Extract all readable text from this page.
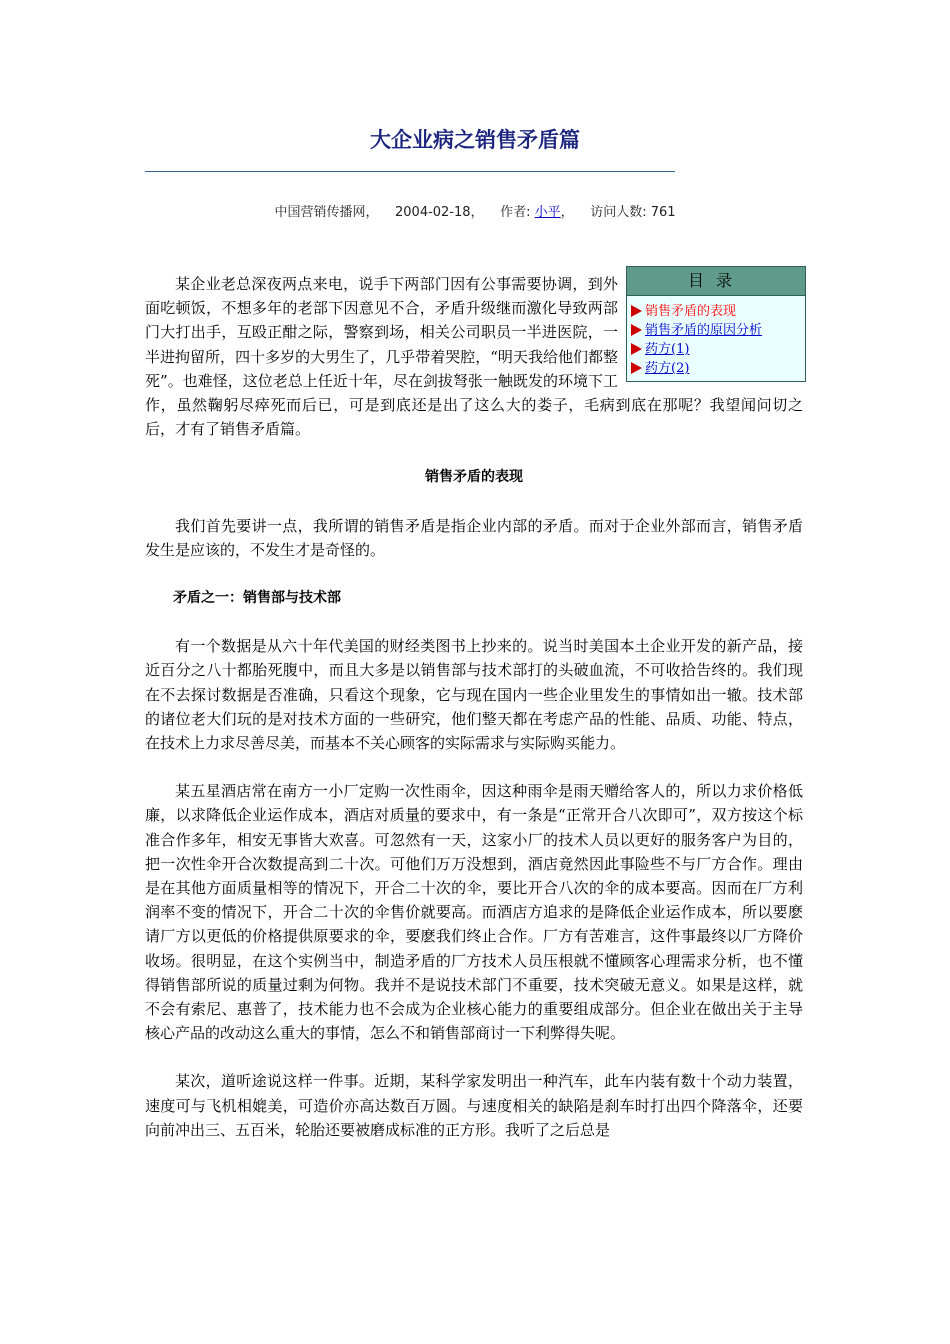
大企业病之销售矛盾篇
中国营销传播网， 2004-02-18， 作者: 小平， 访问人数: 761
目录
销售矛盾的表现
销售矛盾的原因分析
药方(1)
药方(2)

某企业老总深夜两点来电，说手下两部门因有公事需要协调，到外面吃顿饭，不想多年的老部下因意见不合，矛盾升级继而激化导致两部门大打出手，互殴正酣之际，警察到场，相关公司职员一半进医院，一半进拘留所，四十多岁的大男生了，几乎带着哭腔，“明天我给他们都整死”。也难怪，这位老总上任近十年，尽在剑拔弩张一触既发的环境下工作，虽然鞠躬尽瘁死而后已，可是到底还是出了这么大的娄子，毛病到底在那呢？我望闻问切之后，才有了销售矛盾篇。

销售矛盾的表现

我们首先要讲一点，我所谓的销售矛盾是指企业内部的矛盾。而对于企业外部而言，销售矛盾发生是应该的，不发生才是奇怪的。

矛盾之一：销售部与技术部

有一个数据是从六十年代美国的财经类图书上抄来的。说当时美国本土企业开发的新产品，接近百分之八十都胎死腹中，而且大多是以销售部与技术部打的头破血流，不可收拾告终的。我们现在不去探讨数据是否准确，只看这个现象，它与现在国内一些企业里发生的事情如出一辙。技术部的诸位老大们玩的是对技术方面的一些研究，他们整天都在考虑产品的性能、品质、功能、特点，在技术上力求尽善尽美，而基本不关心顾客的实际需求与实际购买能力。

某五星酒店常在南方一小厂定购一次性雨伞，因这种雨伞是雨天赠给客人的，所以力求价格低廉，以求降低企业运作成本，酒店对质量的要求中，有一条是“正常开合八次即可”，双方按这个标准合作多年，相安无事皆大欢喜。可忽然有一天，这家小厂的技术人员以更好的服务客户为目的，把一次性伞开合次数提高到二十次。可他们万万没想到，酒店竟然因此事险些不与厂方合作。理由是在其他方面质量相等的情况下，开合二十次的伞，要比开合八次的伞的成本要高。因而在厂方利润率不变的情况下，开合二十次的伞售价就要高。而酒店方追求的是降低企业运作成本，所以要麽请厂方以更低的价格提供原要求的伞，要麽我们终止合作。厂方有苦难言，这件事最终以厂方降价收场。很明显，在这个实例当中，制造矛盾的厂方技术人员压根就不懂顾客心理需求分析，也不懂得销售部所说的质量过剩为何物。我并不是说技术部门不重要，技术突破无意义。如果是这样，就不会有索尼、惠普了，技术能力也不会成为企业核心能力的重要组成部分。但企业在做出关于主导核心产品的改动这么重大的事情，怎么不和销售部商讨一下利弊得失呢。

某次，道听途说这样一件事。近期，某科学家发明出一种汽车，此车内装有数十个动力装置，速度可与飞机相媲美，可造价亦高达数百万圆。与速度相关的缺陷是刹车时打出四个降落伞，还要向前冲出三、五百米，轮胎还要被磨成标准的正方形。我听了之后总是
